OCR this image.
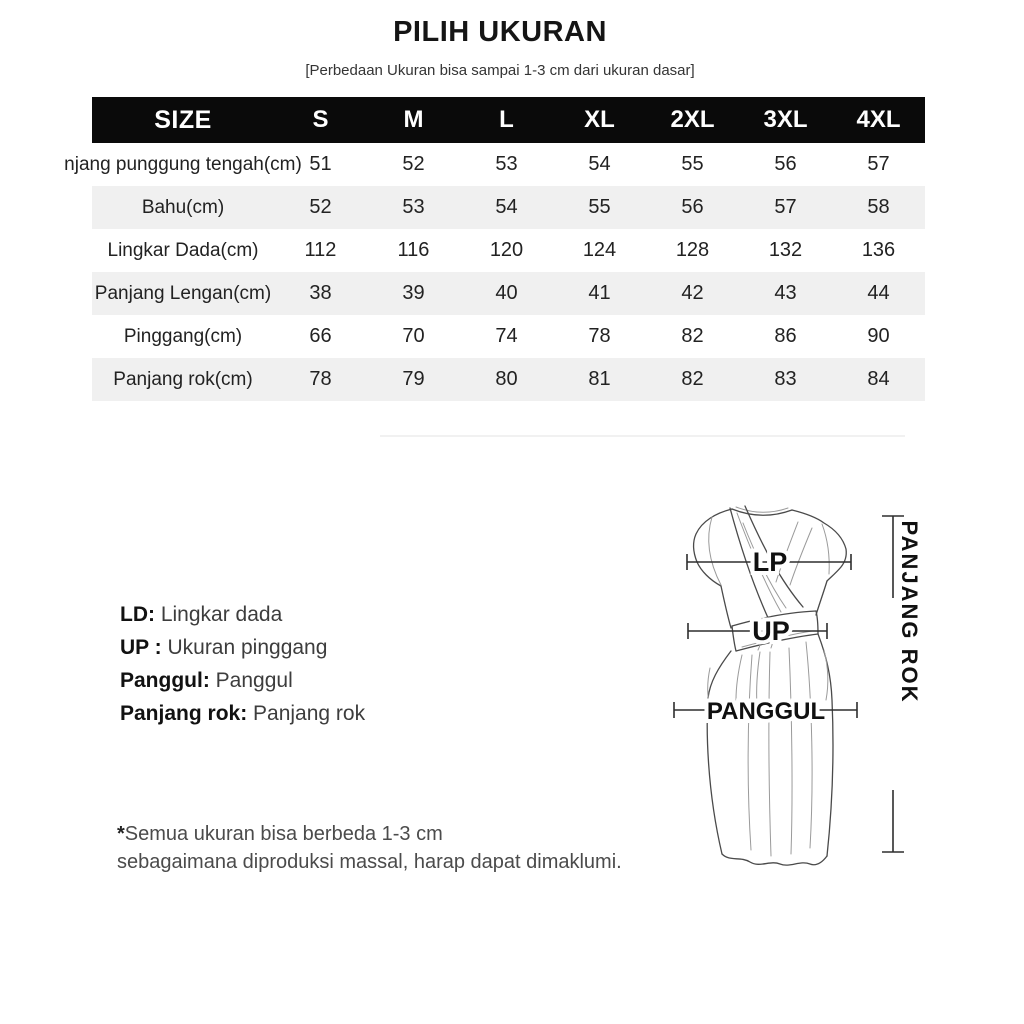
PILIH UKURAN
[Perbedaan Ukuran bisa sampai 1-3 cm dari ukuran dasar]
SIZE	S	M	L	XL	2XL	3XL	4XL
njang punggung tengah(cm) 51	52	53	54	55	56	57
Bahu(cm)	52	53	54	55	56	57	58
Lingkar Dada(cm)	112	116	120	124	128	132	136
Panjang Lengan(cm)	38	39	40	41	42	43	44
Pinggang(cm)	66	70	74	78	82	86	90
Panjang rok(cm)	78	79	80	81	82	83	84
LD: Lingkar dada
UP : Ukuran pinggang
Panggul: Panggul
Panjang rok: Panjang rok
*Semua ukuran bisa berbeda 1-3 cm
sebagaimana diproduksi massal, harap dapat dimaklumi.
LP
UP
PANGGUL
PANJANG ROK
